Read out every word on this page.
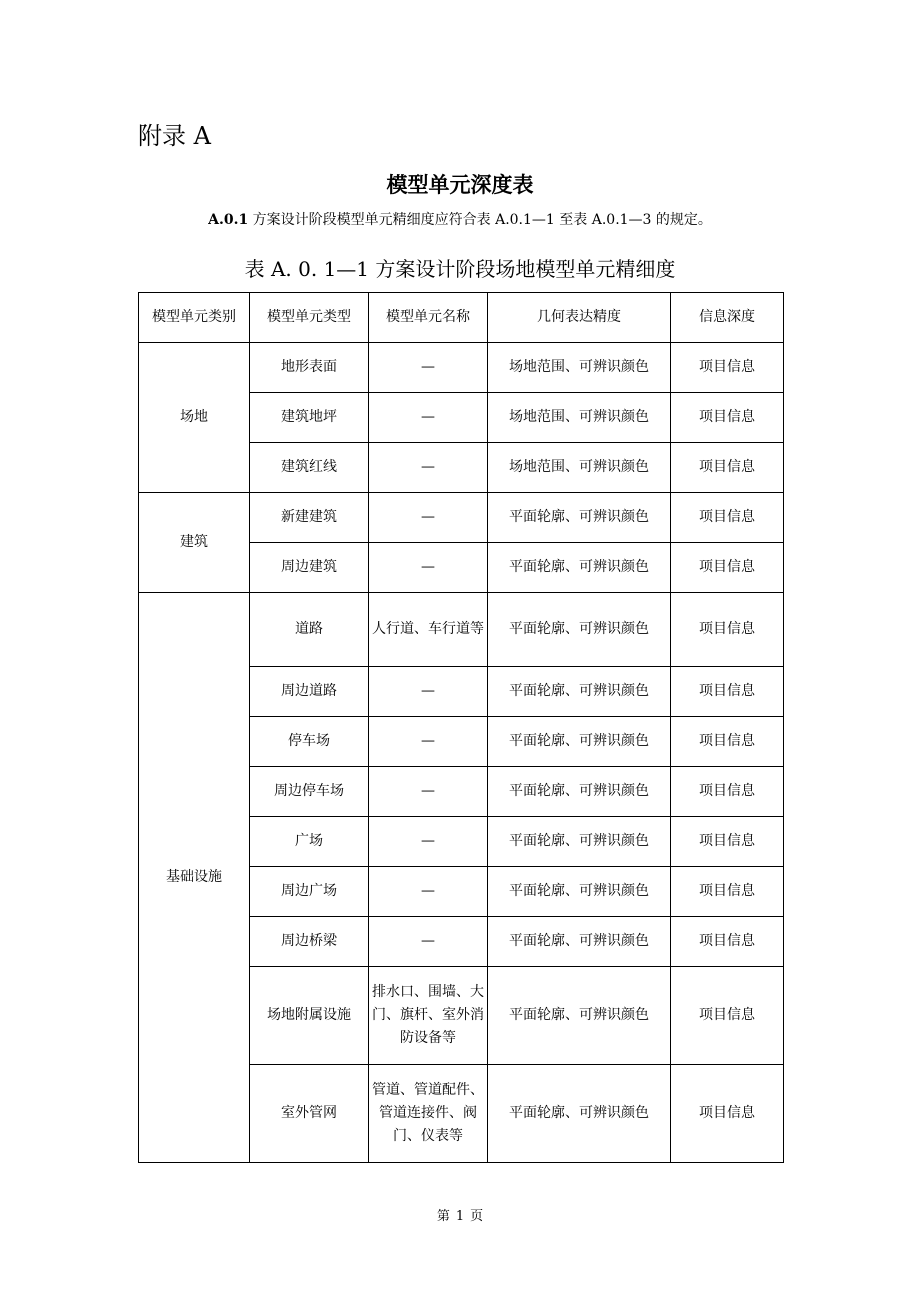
附录 A
模型单元深度表
A.0.1 方案设计阶段模型单元精细度应符合表 A.0.1—1 至表 A.0.1—3 的规定。
表 A. 0. 1—1 方案设计阶段场地模型单元精细度
模型单元类别	模型单元类型	模型单元名称	几何表达精度	信息深度
场地	地形表面	—	场地范围、可辨识颜色	项目信息
	建筑地坪	—	场地范围、可辨识颜色	项目信息
	建筑红线	—	场地范围、可辨识颜色	项目信息
建筑	新建建筑	—	平面轮廓、可辨识颜色	项目信息
	周边建筑	—	平面轮廓、可辨识颜色	项目信息
基础设施	道路	人行道、车行道等	平面轮廓、可辨识颜色	项目信息
	周边道路	—	平面轮廓、可辨识颜色	项目信息
	停车场	—	平面轮廓、可辨识颜色	项目信息
	周边停车场	—	平面轮廓、可辨识颜色	项目信息
	广场	—	平面轮廓、可辨识颜色	项目信息
	周边广场	—	平面轮廓、可辨识颜色	项目信息
	周边桥梁	—	平面轮廓、可辨识颜色	项目信息
	场地附属设施	排水口、围墙、大门、旗杆、室外消防设备等	平面轮廓、可辨识颜色	项目信息
	室外管网	管道、管道配件、管道连接件、阀门、仪表等	平面轮廓、可辨识颜色	项目信息
第 1 页
